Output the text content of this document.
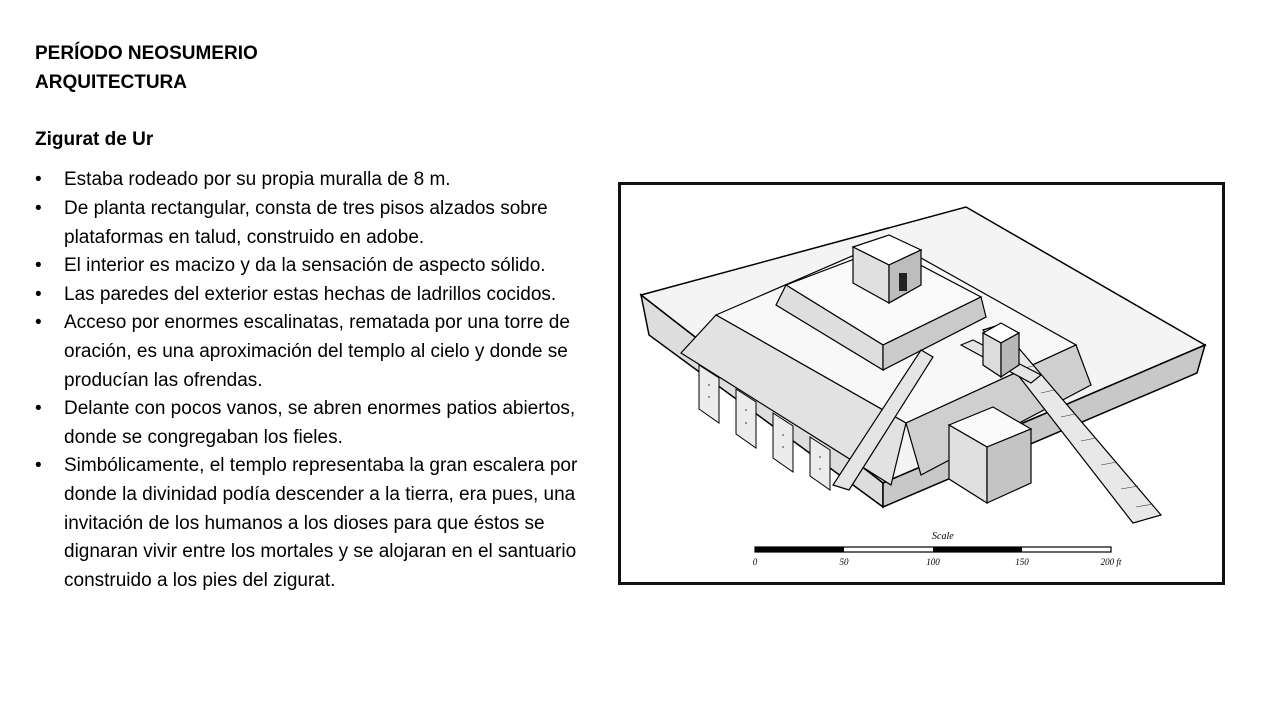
PERÍODO NEOSUMERIO
ARQUITECTURA
Zigurat de Ur
• Estaba rodeado por su propia muralla de 8 m.
• De planta rectangular, consta de tres pisos alzados sobre plataformas en talud, construido en adobe.
• El interior es macizo y da la sensación de aspecto sólido.
• Las paredes del exterior estas hechas de ladrillos cocidos.
• Acceso por enormes escalinatas, rematada por una torre de oración, es una aproximación del templo al cielo y donde se producían las ofrendas.
• Delante con pocos vanos, se abren enormes patios abiertos, donde se congregaban los fieles.
• Simbólicamente, el templo representaba la gran escalera por donde la divinidad podía descender a la tierra, era pues, una invitación de los humanos a los dioses para que éstos se dignaran vivir entre los mortales y se alojaran en el santuario construido a los pies del zigurat.
Scale
0	50	100	150	200 ft
